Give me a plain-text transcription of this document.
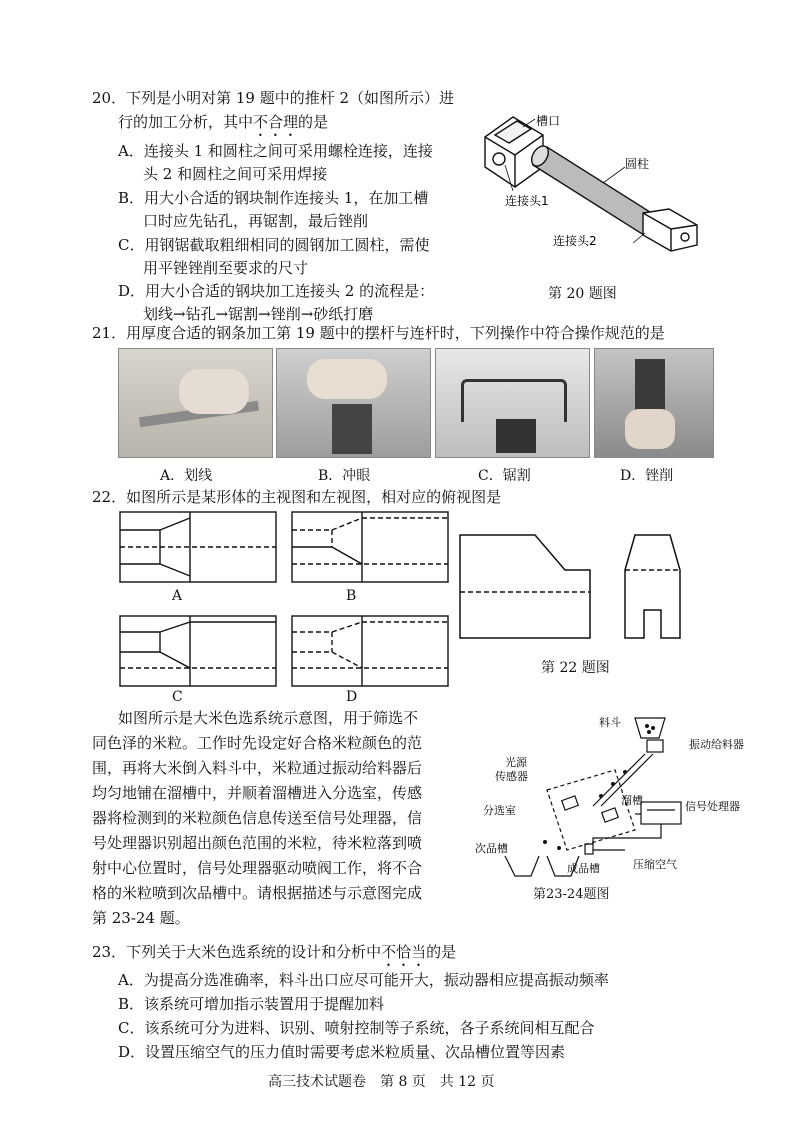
20．下列是小明对第 19 题中的推杆 2（如图所示）进
行的加工分析，其中不合理的是
A．连接头 1 和圆柱之间可采用螺栓连接，连接
头 2 和圆柱之间可采用焊接
B．用大小合适的钢块制作连接头 1，在加工槽
口时应先钻孔，再锯割，最后锉削
C．用钢锯截取粗细相同的圆钢加工圆柱，需使
用平锉锉削至要求的尺寸
D．用大小合适的钢块加工连接头 2 的流程是：
划线→钻孔→锯割→锉削→砂纸打磨
槽口
圆柱
连接头1
连接头2
第 20 题图
21．用厚度合适的钢条加工第 19 题中的摆杆与连杆时，下列操作中符合操作规范的是
A．划线	B．冲眼	C．锯割	D．锉削
22．如图所示是某形体的主视图和左视图，相对应的俯视图是
A	B
C	D
第 22 题图
如图所示是大米色选系统示意图，用于筛选不
同色泽的米粒。工作时先设定好合格米粒颜色的范
围，再将大米倒入料斗中，米粒通过振动给料器后
均匀地铺在溜槽中，并顺着溜槽进入分选室，传感
器将检测到的米粒颜色信息传送至信号处理器，信
号处理器识别超出颜色范围的米粒，待米粒落到喷
射中心位置时，信号处理器驱动喷阀工作，将不合
格的米粒喷到次品槽中。请根据描述与示意图完成
第 23-24 题。
料斗
振动给料器
光源
传感器
溜槽
分选室	信号处理器
次品槽
成品槽	压缩空气
第23-24题图
23．下列关于大米色选系统的设计和分析中不恰当的是
A．为提高分选准确率，料斗出口应尽可能开大，振动器相应提高振动频率
B．该系统可增加指示装置用于提醒加料
C．该系统可分为进料、识别、喷射控制等子系统，各子系统间相互配合
D．设置压缩空气的压力值时需要考虑米粒质量、次品槽位置等因素
高三技术试题卷　第 8 页　共 12 页
